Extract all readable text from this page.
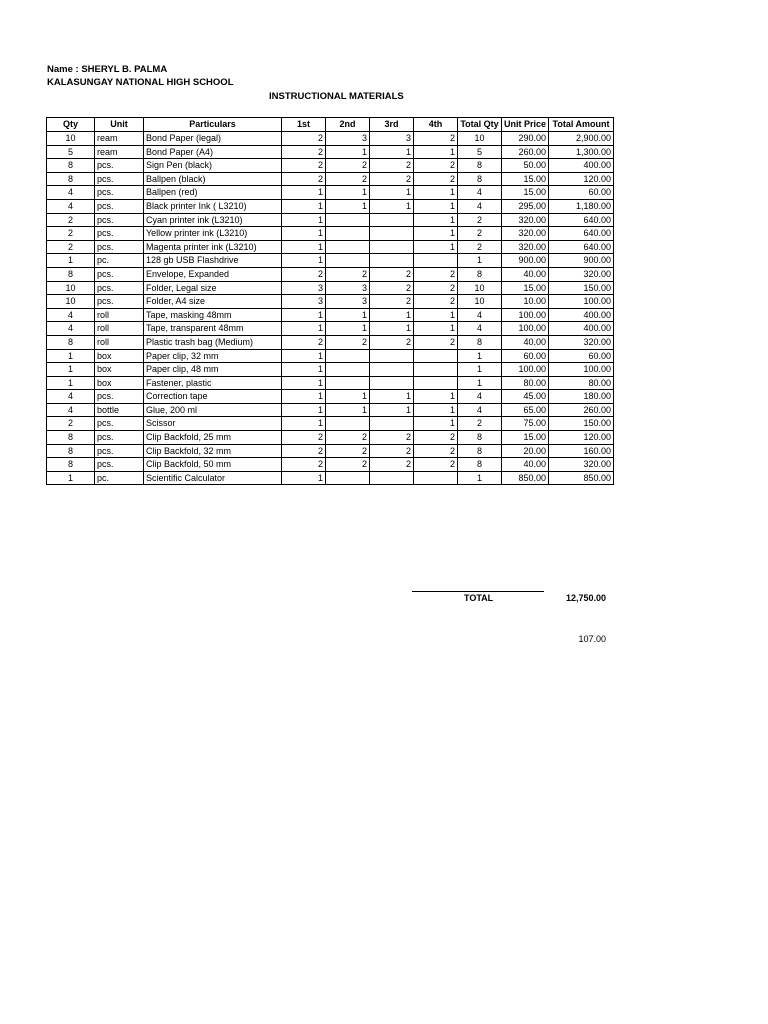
Name : SHERYL B. PALMA
KALASUNGAY NATIONAL HIGH SCHOOL
INSTRUCTIONAL MATERIALS
Qty	Unit	Particulars	1st	2nd	3rd	4th	Total Qty	Unit Price	Total Amount
10	ream	Bond Paper (legal)	2	3	3	2	10	290.00	2,900.00
5	ream	Bond Paper (A4)	2	1	1	1	5	260.00	1,300.00
8	pcs.	Sign Pen (black)	2	2	2	2	8	50.00	400.00
8	pcs.	Ballpen (black)	2	2	2	2	8	15.00	120.00
4	pcs.	Ballpen (red)	1	1	1	1	4	15.00	60.00
4	pcs.	Black printer Ink ( L3210)	1	1	1	1	4	295.00	1,180.00
2	pcs.	Cyan printer ink (L3210)	1			1	2	320.00	640.00
2	pcs.	Yellow printer ink (L3210)	1			1	2	320.00	640.00
2	pcs.	Magenta printer ink (L3210)	1			1	2	320.00	640.00
1	pc.	128 gb USB Flashdrive	1				1	900.00	900.00
8	pcs.	Envelope, Expanded	2	2	2	2	8	40.00	320.00
10	pcs.	Folder, Legal size	3	3	2	2	10	15.00	150.00
10	pcs.	Folder, A4 size	3	3	2	2	10	10.00	100.00
4	roll	Tape, masking 48mm	1	1	1	1	4	100.00	400.00
4	roll	Tape, transparent 48mm	1	1	1	1	4	100.00	400.00
8	roll	Plastic trash bag (Medium)	2	2	2	2	8	40.00	320.00
1	box	Paper clip, 32 mm	1				1	60.00	60.00
1	box	Paper clip, 48 mm	1				1	100.00	100.00
1	box	Fastener, plastic	1				1	80.00	80.00
4	pcs.	Correction tape	1	1	1	1	4	45.00	180.00
4	bottle	Glue, 200 ml	1	1	1	1	4	65.00	260.00
2	pcs.	Scissor	1			1	2	75.00	150.00
8	pcs.	Clip Backfold, 25 mm	2	2	2	2	8	15.00	120.00
8	pcs.	Clip Backfold, 32 mm	2	2	2	2	8	20.00	160.00
8	pcs.	Clip Backfold, 50 mm	2	2	2	2	8	40.00	320.00
1	pc.	Scientific Calculator	1				1	850.00	850.00
TOTAL	12,750.00
107.00
